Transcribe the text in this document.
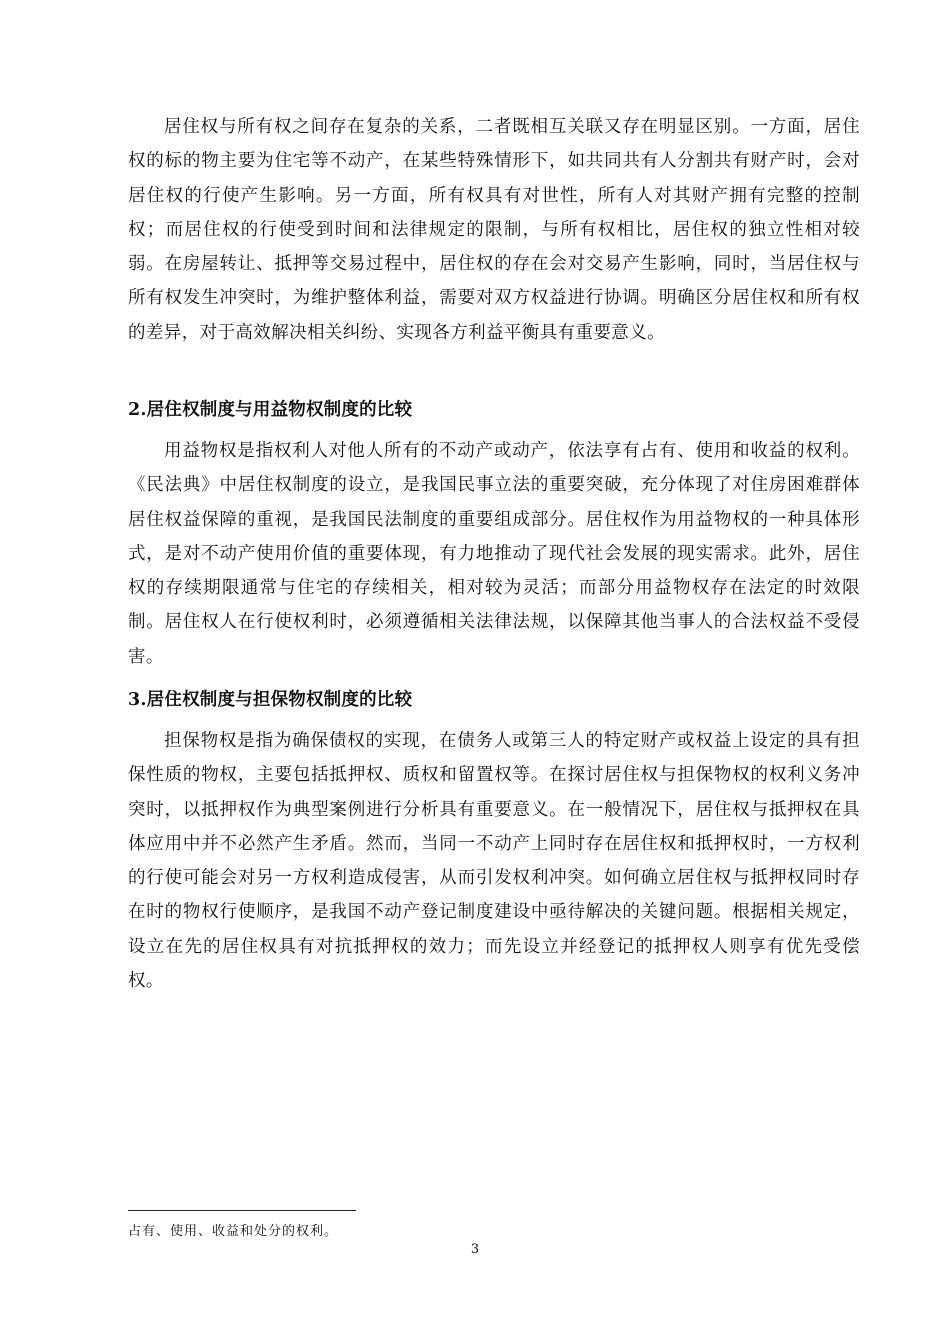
居住权与所有权之间存在复杂的关系，二者既相互关联又存在明显区别。一方面，居住权的标的物主要为住宅等不动产，在某些特殊情形下，如共同共有人分割共有财产时，会对居住权的行使产生影响。另一方面，所有权具有对世性，所有人对其财产拥有完整的控制权；而居住权的行使受到时间和法律规定的限制，与所有权相比，居住权的独立性相对较弱。在房屋转让、抵押等交易过程中，居住权的存在会对交易产生影响，同时，当居住权与所有权发生冲突时，为维护整体利益，需要对双方权益进行协调。明确区分居住权和所有权的差异，对于高效解决相关纠纷、实现各方利益平衡具有重要意义。

2.居住权制度与用益物权制度的比较

用益物权是指权利人对他人所有的不动产或动产，依法享有占有、使用和收益的权利。《民法典》中居住权制度的设立，是我国民事立法的重要突破，充分体现了对住房困难群体居住权益保障的重视，是我国民法制度的重要组成部分。居住权作为用益物权的一种具体形式，是对不动产使用价值的重要体现，有力地推动了现代社会发展的现实需求。此外，居住权的存续期限通常与住宅的存续相关，相对较为灵活；而部分用益物权存在法定的时效限制。居住权人在行使权利时，必须遵循相关法律法规，以保障其他当事人的合法权益不受侵害。

3.居住权制度与担保物权制度的比较

担保物权是指为确保债权的实现，在债务人或第三人的特定财产或权益上设定的具有担保性质的物权，主要包括抵押权、质权和留置权等。在探讨居住权与担保物权的权利义务冲突时，以抵押权作为典型案例进行分析具有重要意义。在一般情况下，居住权与抵押权在具体应用中并不必然产生矛盾。然而，当同一不动产上同时存在居住权和抵押权时，一方权利的行使可能会对另一方权利造成侵害，从而引发权利冲突。如何确立居住权与抵押权同时存在时的物权行使顺序，是我国不动产登记制度建设中亟待解决的关键问题。根据相关规定，设立在先的居住权具有对抗抵押权的效力；而先设立并经登记的抵押权人则享有优先受偿权。

占有、使用、收益和处分的权利。

3
